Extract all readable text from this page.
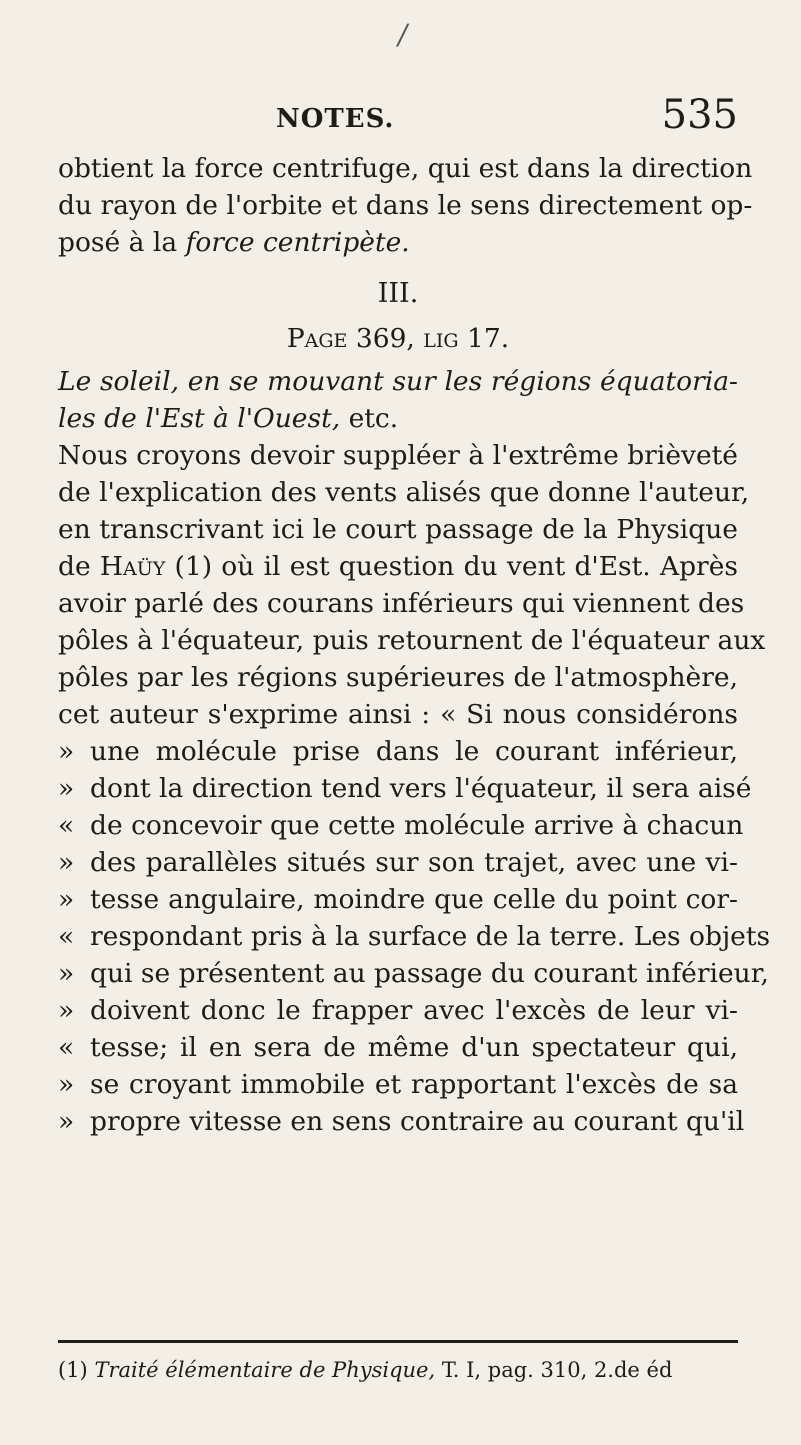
/
NOTES.	535
obtient la force centrifuge, qui est dans la direction
du rayon de l'orbite et dans le sens directement op-
posé à la force centripète.
III.
Page 369, lig 17.
Le soleil, en se mouvant sur les régions équatoria-
les de l'Est à l'Ouest, etc.
Nous croyons devoir suppléer à l'extrême brièveté
de l'explication des vents alisés que donne l'auteur,
en transcrivant ici le court passage de la Physique
de Haüy (1) où il est question du vent d'Est. Après
avoir parlé des courans inférieurs qui viennent des
pôles à l'équateur, puis retournent de l'équateur aux
pôles par les régions supérieures de l'atmosphère,
cet auteur s'exprime ainsi : « Si nous considérons
» une molécule prise dans le courant inférieur,
» dont la direction tend vers l'équateur, il sera aisé
« de concevoir que cette molécule arrive à chacun
» des parallèles situés sur son trajet, avec une vi-
» tesse angulaire, moindre que celle du point cor-
« respondant pris à la surface de la terre. Les objets
» qui se présentent au passage du courant inférieur,
» doivent donc le frapper avec l'excès de leur vi-
« tesse; il en sera de même d'un spectateur qui,
» se croyant immobile et rapportant l'excès de sa
» propre vitesse en sens contraire au courant qu'il
(1) Traité élémentaire de Physique, T. I, pag. 310, 2.de éd
